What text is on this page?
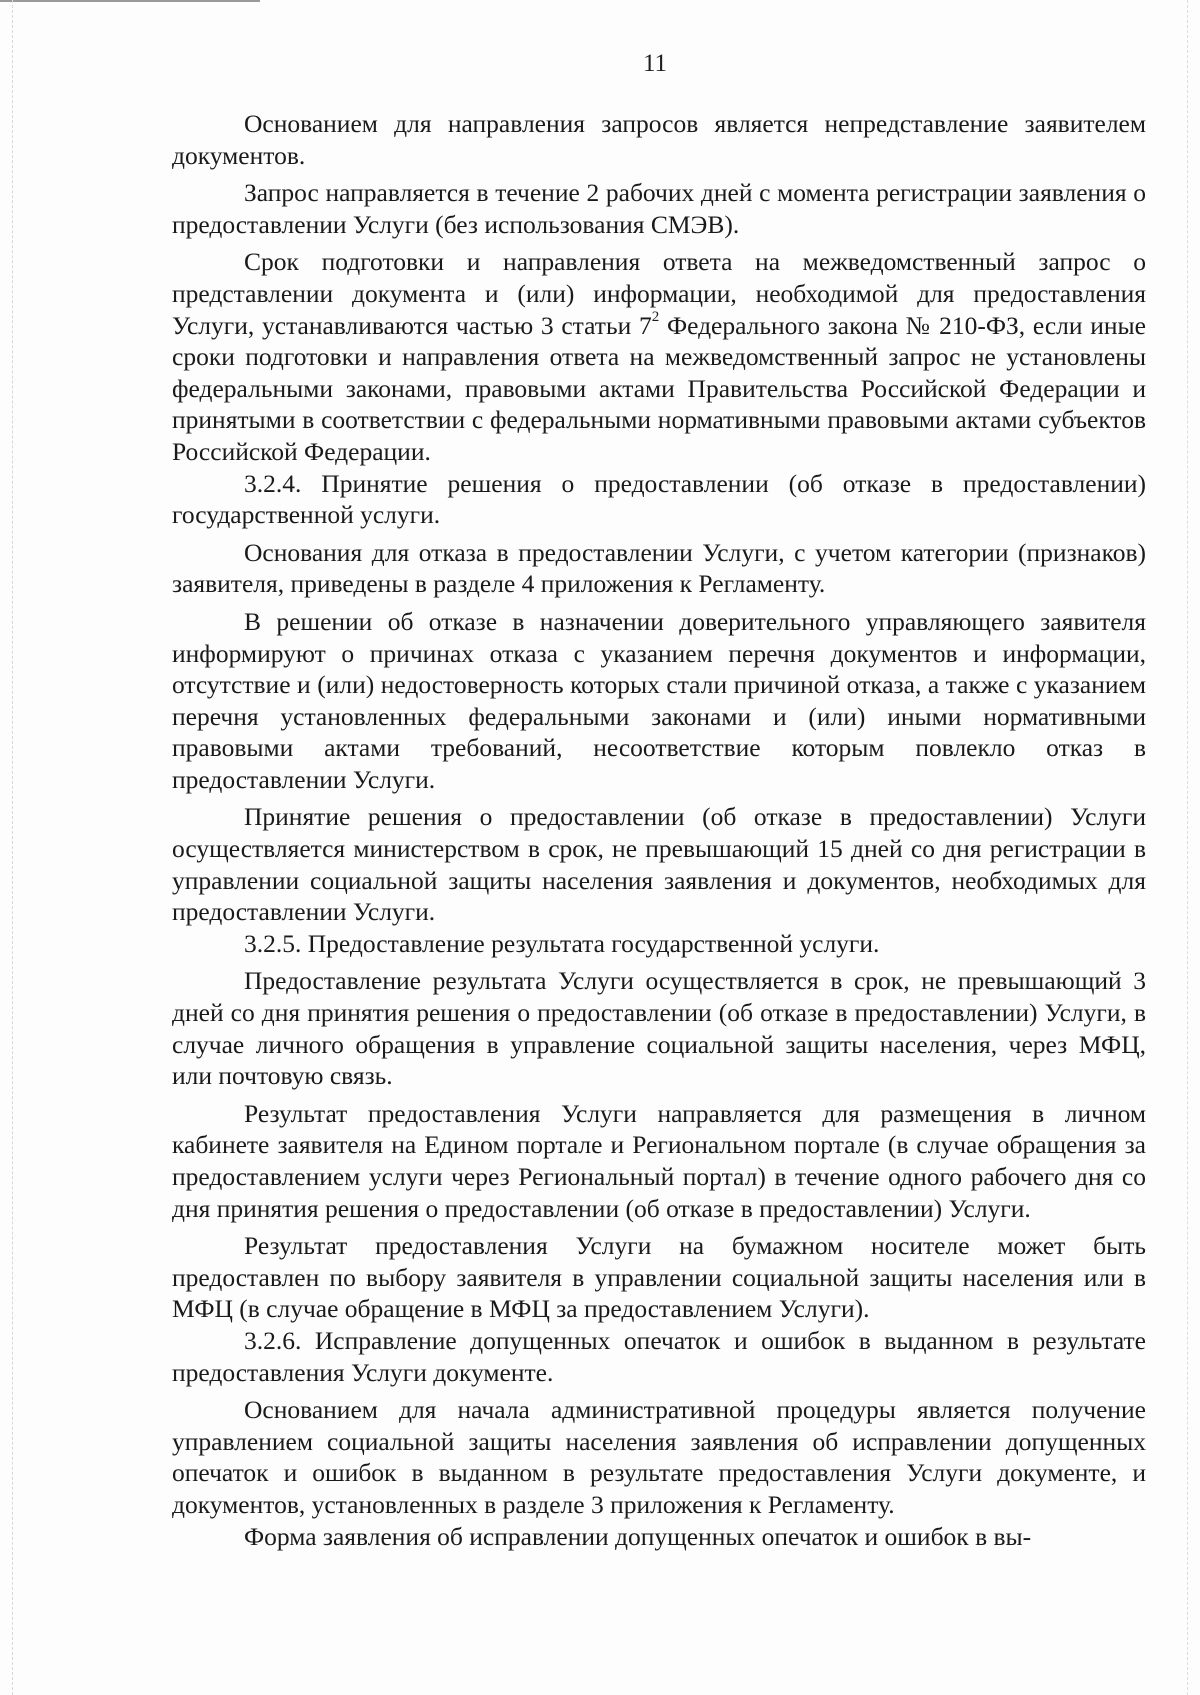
11

Основанием для направления запросов является непредставление заявителем документов.

Запрос направляется в течение 2 рабочих дней с момента регистрации заявления о предоставлении Услуги (без использования СМЭВ).

Срок подготовки и направления ответа на межведомственный запрос о представлении документа и (или) информации, необходимой для предоставления Услуги, устанавливаются частью 3 статьи $7^2$ Федерального закона № 210-ФЗ, если иные сроки подготовки и направления ответа на межведомственный запрос не установлены федеральными законами, правовыми актами Правительства Российской Федерации и принятыми в соответствии с федеральными нормативными правовыми актами субъектов Российской Федерации.

3.2.4. Принятие решения о предоставлении (об отказе в предоставлении) государственной услуги.

Основания для отказа в предоставлении Услуги, с учетом категории (признаков) заявителя, приведены в разделе 4 приложения к Регламенту.

В решении об отказе в назначении доверительного управляющего заявителя информируют о причинах отказа с указанием перечня документов и информации, отсутствие и (или) недостоверность которых стали причиной отказа, а также с указанием перечня установленных федеральными законами и (или) иными нормативными правовыми актами требований, несоответствие которым повлекло отказ в предоставлении Услуги.

Принятие решения о предоставлении (об отказе в предоставлении) Услуги осуществляется министерством в срок, не превышающий 15 дней со дня регистрации в управлении социальной защиты населения заявления и документов, необходимых для предоставлении Услуги.

3.2.5. Предоставление результата государственной услуги.

Предоставление результата Услуги осуществляется в срок, не превышающий 3 дней со дня принятия решения о предоставлении (об отказе в предоставлении) Услуги, в случае личного обращения в управление социальной защиты населения, через МФЦ, или почтовую связь.

Результат предоставления Услуги направляется для размещения в личном кабинете заявителя на Едином портале и Региональном портале (в случае обращения за предоставлением услуги через Региональный портал) в течение одного рабочего дня со дня принятия решения о предоставлении (об отказе в предоставлении) Услуги.

Результат предоставления Услуги на бумажном носителе может быть предоставлен по выбору заявителя в управлении социальной защиты населения или в МФЦ (в случае обращение в МФЦ за предоставлением Услуги).

3.2.6. Исправление допущенных опечаток и ошибок в выданном в результате предоставления Услуги документе.

Основанием для начала административной процедуры является получение управлением социальной защиты населения заявления об исправлении допущенных опечаток и ошибок в выданном в результате предоставления Услуги документе, и документов, установленных в разделе 3 приложения к Регламенту.

Форма заявления об исправлении допущенных опечаток и ошибок в вы-
